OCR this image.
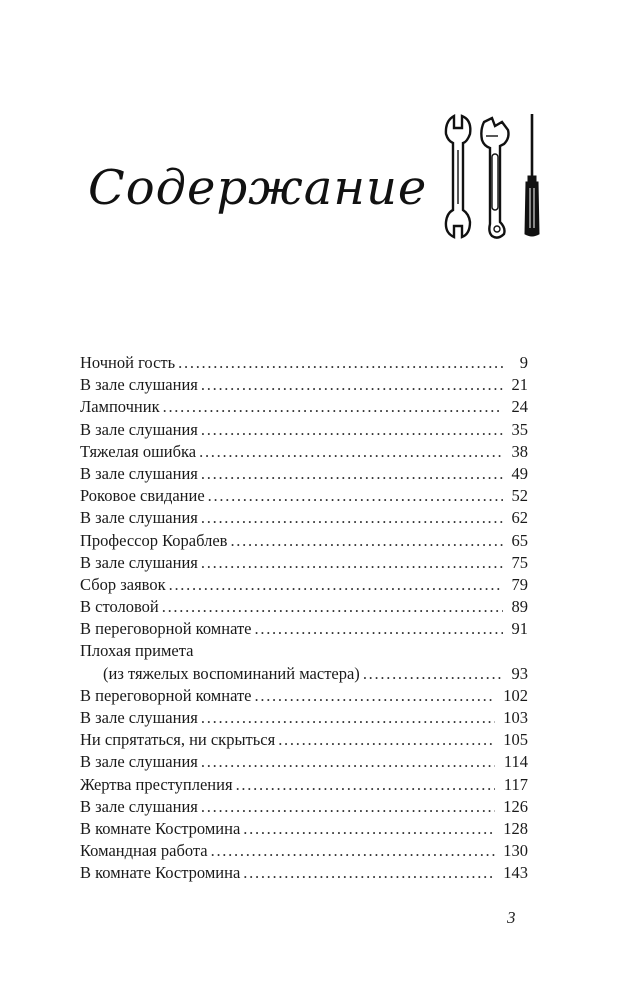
Содержание
Ночной гость . . .	9
В зале слушания . . .	21
Лампочник . . .	24
В зале слушания . . .	35
Тяжелая ошибка . . .	38
В зале слушания . . .	49
Роковое свидание . . .	52
В зале слушания . . .	62
Профессор Кораблев . . .	65
В зале слушания . . .	75
Сбор заявок . . .	79
В столовой . . .	89
В переговорной комнате . . .	91
Плохая примета
(из тяжелых воспоминаний мастера) . . .	93
В переговорной комнате . . .	102
В зале слушания . . .	103
Ни спрятаться, ни скрыться . . .	105
В зале слушания . . .	114
Жертва преступления . . .	117
В зале слушания . . .	126
В комнате Костромина . . .	128
Командная работа . . .	130
В комнате Костромина . . .	143
3
